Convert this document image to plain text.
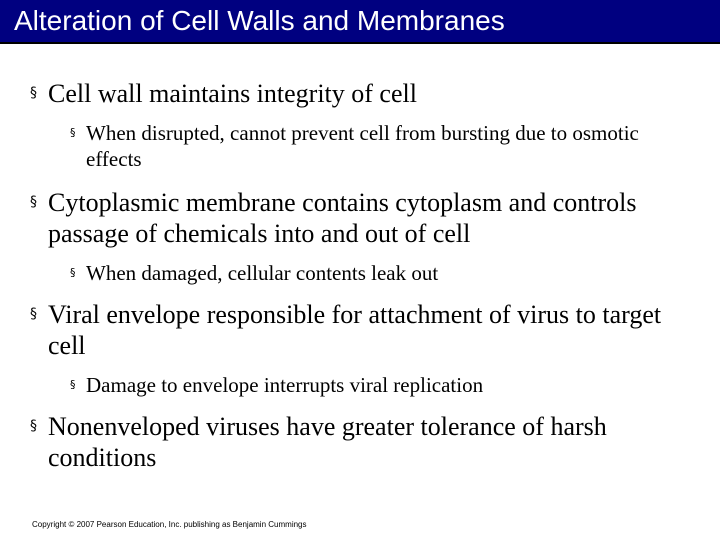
Alteration of Cell Walls and Membranes
§ Cell wall maintains integrity of cell
§ When disrupted, cannot prevent cell from bursting due to osmotic effects
§ Cytoplasmic membrane contains cytoplasm and controls passage of chemicals into and out of cell
§ When damaged, cellular contents leak out
§ Viral envelope responsible for attachment of virus to target cell
§ Damage to envelope interrupts viral replication
§ Nonenveloped viruses have greater tolerance of harsh conditions
Copyright © 2007 Pearson Education, Inc. publishing as Benjamin Cummings
